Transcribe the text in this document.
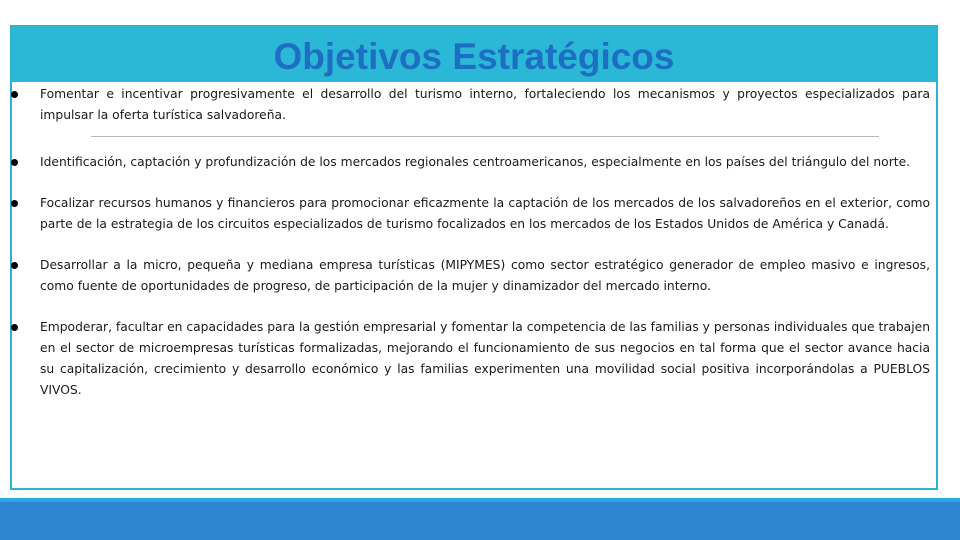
Objetivos Estratégicos
Fomentar e incentivar progresivamente el desarrollo del turismo interno, fortaleciendo los mecanismos y proyectos especializados para impulsar la oferta turística salvadoreña.
Identificación, captación y profundización de los mercados regionales centroamericanos, especialmente en los países del triángulo del norte.
Focalizar recursos humanos y financieros para promocionar eficazmente la captación de los mercados de los salvadoreños en el exterior, como parte de la estrategia de los circuitos especializados de turismo focalizados en los mercados de los Estados Unidos de América y Canadá.
Desarrollar a la micro, pequeña y mediana empresa turísticas (MIPYMES) como sector estratégico generador de empleo masivo e ingresos, como fuente de oportunidades de progreso, de participación de la mujer y dinamizador del mercado interno.
Empoderar, facultar en capacidades para la gestión empresarial y fomentar la competencia de las familias y personas individuales que trabajen en el sector de microempresas turísticas formalizadas, mejorando el funcionamiento de sus negocios en tal forma que el sector avance hacia su capitalización, crecimiento y desarrollo económico y las familias experimenten una movilidad social positiva incorporándolas a PUEBLOS VIVOS.
